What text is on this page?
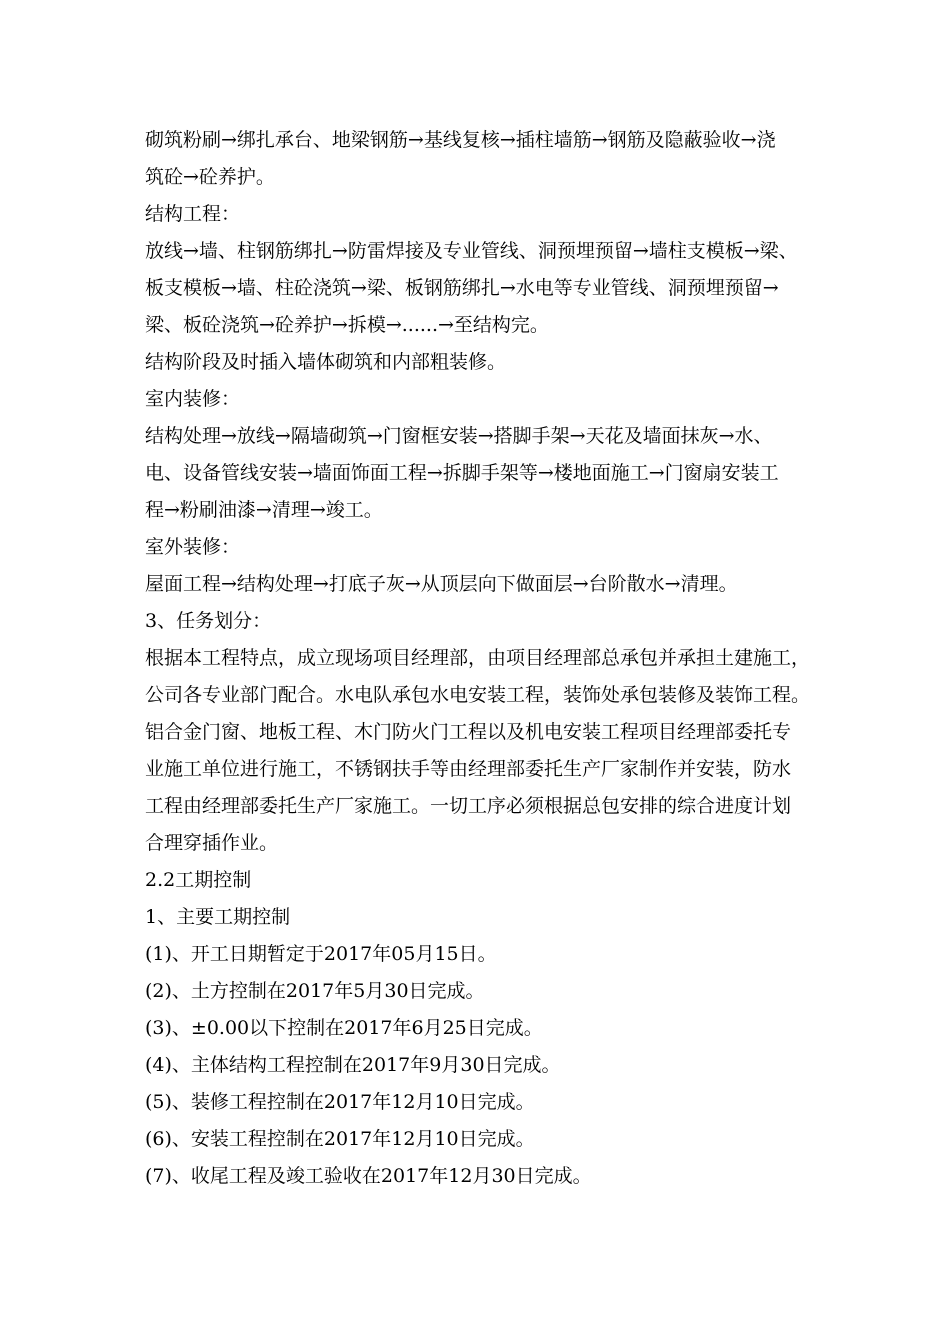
砌筑粉刷→绑扎承台、地梁钢筋→基线复核→插柱墙筋→钢筋及隐蔽验收→浇
筑砼→砼养护。
结构工程：
放线→墙、柱钢筋绑扎→防雷焊接及专业管线、洞预埋预留→墙柱支模板→梁、
板支模板→墙、柱砼浇筑→梁、板钢筋绑扎→水电等专业管线、洞预埋预留→
梁、板砼浇筑→砼养护→拆模→......→至结构完。
结构阶段及时插入墙体砌筑和内部粗装修。
室内装修：
结构处理→放线→隔墙砌筑→门窗框安装→搭脚手架→天花及墙面抹灰→水、
电、设备管线安装→墙面饰面工程→拆脚手架等→楼地面施工→门窗扇安装工
程→粉刷油漆→清理→竣工。
室外装修：
屋面工程→结构处理→打底子灰→从顶层向下做面层→台阶散水→清理。
3、任务划分：
根据本工程特点，成立现场项目经理部，由项目经理部总承包并承担土建施工，
公司各专业部门配合。水电队承包水电安装工程，装饰处承包装修及装饰工程。
铝合金门窗、地板工程、木门防火门工程以及机电安装工程项目经理部委托专
业施工单位进行施工，不锈钢扶手等由经理部委托生产厂家制作并安装，防水
工程由经理部委托生产厂家施工。一切工序必须根据总包安排的综合进度计划
合理穿插作业。
2.2工期控制
1、主要工期控制
(1)、开工日期暂定于2017年05月15日。
(2)、土方控制在2017年5月30日完成。
(3)、±0.00以下控制在2017年6月25日完成。
(4)、主体结构工程控制在2017年9月30日完成。
(5)、装修工程控制在2017年12月10日完成。
(6)、安装工程控制在2017年12月10日完成。
(7)、收尾工程及竣工验收在2017年12月30日完成。
